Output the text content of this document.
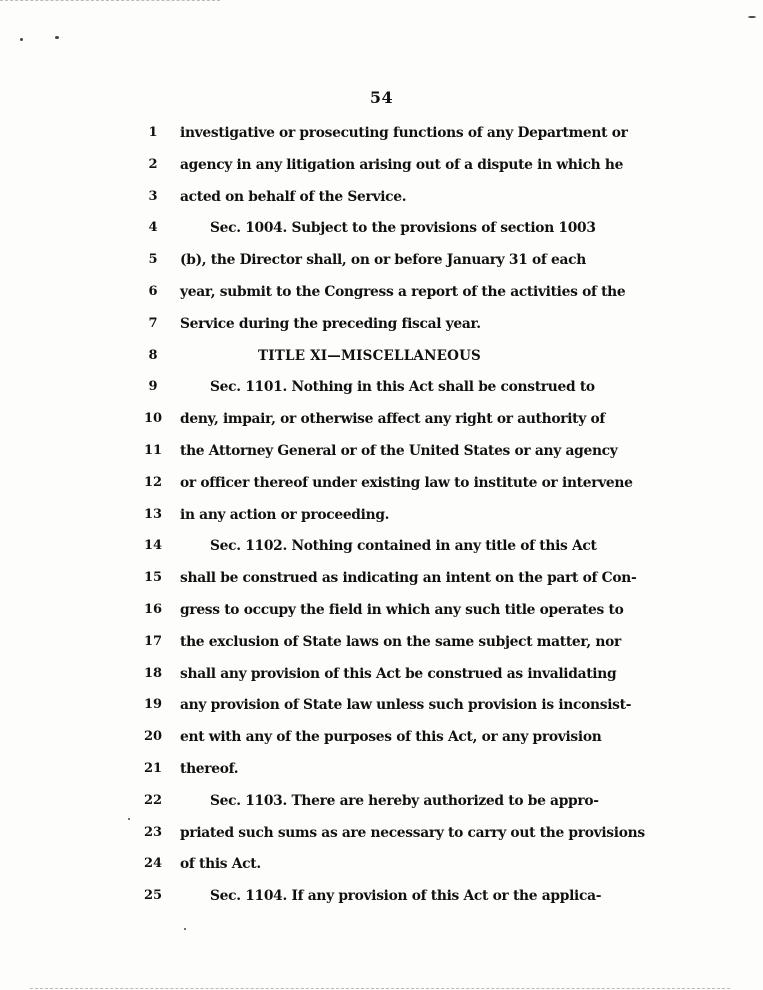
54
1	investigative or prosecuting functions of any Department or
2	agency in any litigation arising out of a dispute in which he
3	acted on behalf of the Service.
4	Sec. 1004. Subject to the provisions of section 1003
5	(b), the Director shall, on or before January 31 of each
6	year, submit to the Congress a report of the activities of the
7	Service during the preceding fiscal year.
8	TITLE XI—MISCELLANEOUS
9	Sec. 1101. Nothing in this Act shall be construed to
10 deny, impair, or otherwise affect any right or authority of
11 the Attorney General or of the United States or any agency
12 or officer thereof under existing law to institute or intervene
13 in any action or proceeding.
14	Sec. 1102. Nothing contained in any title of this Act
15 shall be construed as indicating an intent on the part of Con-
16 gress to occupy the field in which any such title operates to
17 the exclusion of State laws on the same subject matter, nor
18 shall any provision of this Act be construed as invalidating
19 any provision of State law unless such provision is inconsist-
20 ent with any of the purposes of this Act, or any provision
21 thereof.
22	Sec. 1103. There are hereby authorized to be appro-
23 priated such sums as are necessary to carry out the provisions
24 of this Act.
25	Sec. 1104. If any provision of this Act or the applica-
